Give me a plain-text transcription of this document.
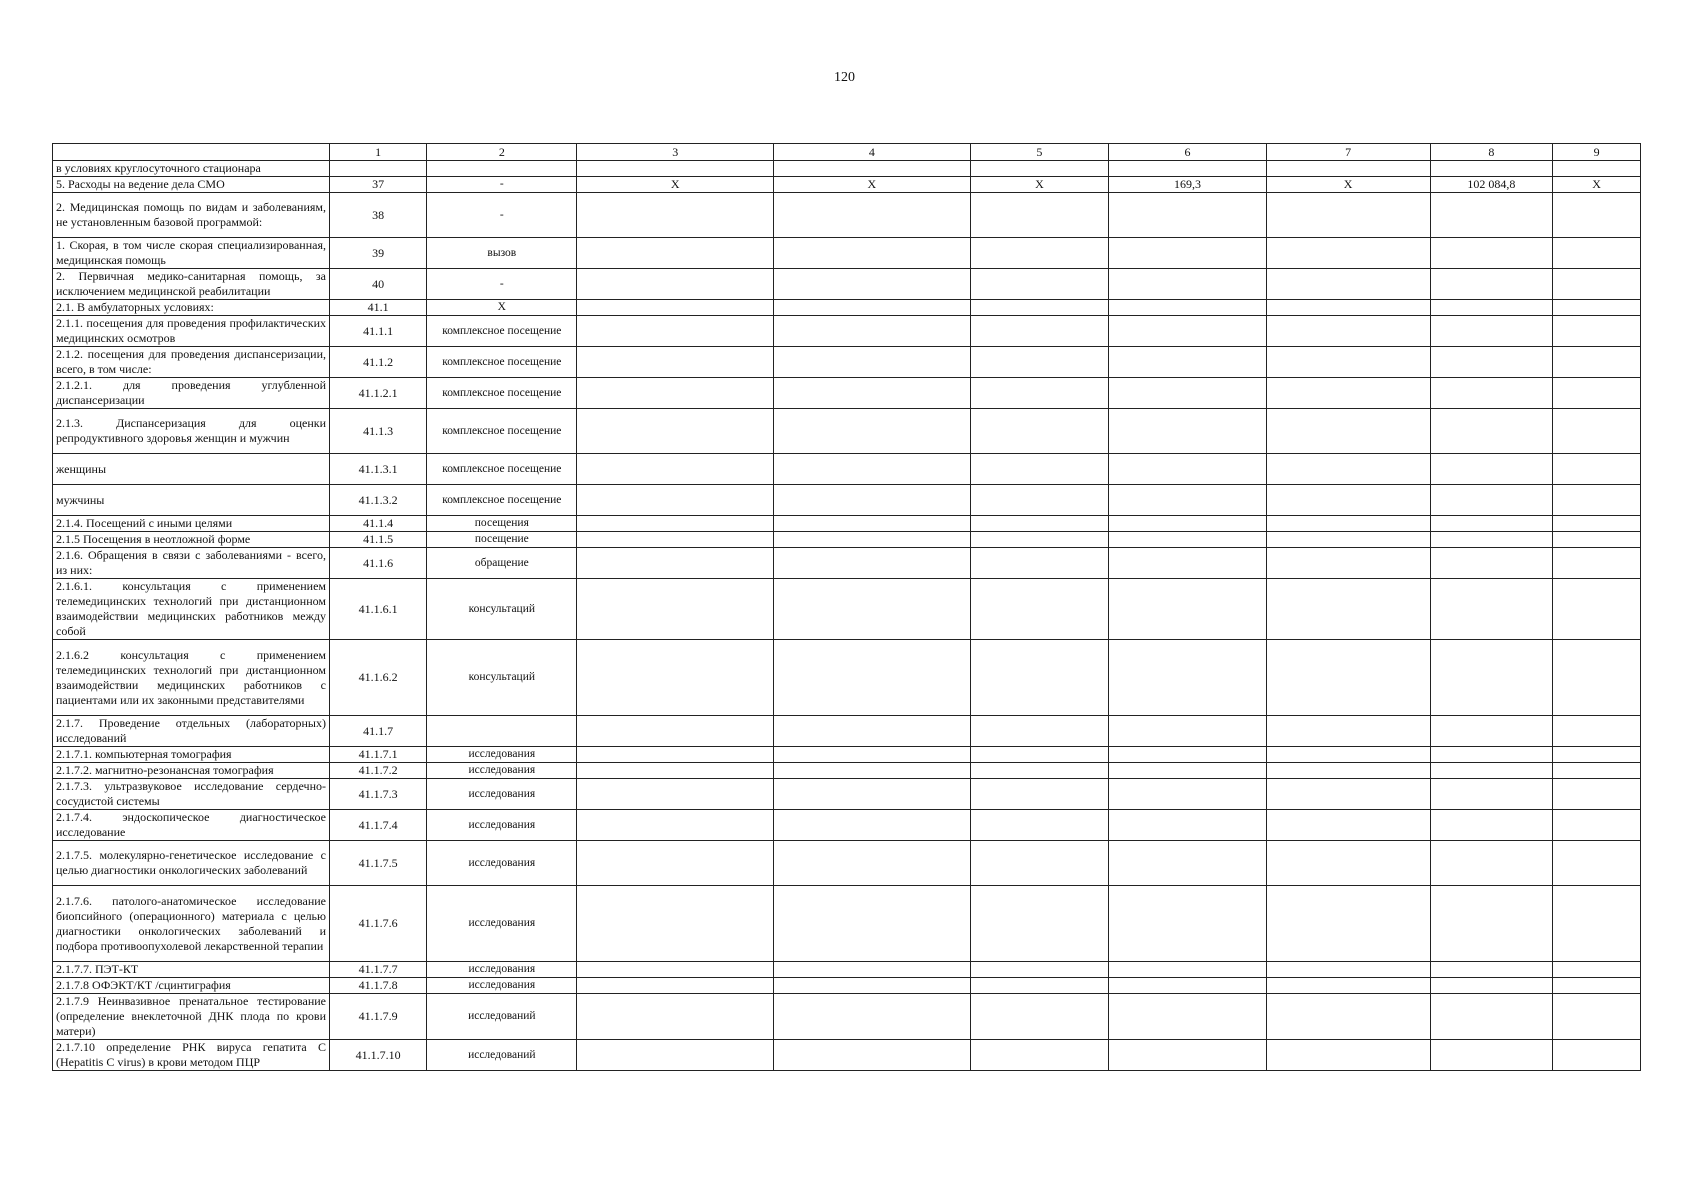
120
	1	2	3	4	5	6	7	8	9
в условиях круглосуточного стационара									
5. Расходы на ведение дела СМО	37	-	X	X	X	169,3	X	102 084,8	X
2. Медицинская помощь по видам и заболеваниям, не установленным базовой программой:	38	-							
1. Скорая, в том числе скорая специализированная, медицинская помощь	39	вызов							
2. Первичная медико-санитарная помощь, за исключением медицинской реабилитации	40	-							
2.1. В амбулаторных условиях:	41.1	X							
2.1.1. посещения для проведения профилактических медицинских осмотров	41.1.1	комплексное посещение							
2.1.2. посещения для проведения диспансеризации, всего, в том числе:	41.1.2	комплексное посещение							
2.1.2.1. для проведения углубленной диспансеризации	41.1.2.1	комплексное посещение							
2.1.3. Диспансеризация для оценки репродуктивного здоровья женщин и мужчин	41.1.3	комплексное посещение							
женщины	41.1.3.1	комплексное посещение							
мужчины	41.1.3.2	комплексное посещение							
2.1.4. Посещений с иными целями	41.1.4	посещения							
2.1.5 Посещения в неотложной форме	41.1.5	посещение							
2.1.6. Обращения в связи с заболеваниями - всего, из них:	41.1.6	обращение							
2.1.6.1. консультация с применением телемедицинских технологий при дистанционном взаимодействии медицинских работников между собой	41.1.6.1	консультаций							
2.1.6.2 консультация с применением телемедицинских технологий при дистанционном взаимодействии медицинских работников с пациентами или их законными представителями	41.1.6.2	консультаций							
2.1.7. Проведение отдельных (лабораторных) исследований	41.1.7								
2.1.7.1. компьютерная томография	41.1.7.1	исследования							
2.1.7.2. магнитно-резонансная томография	41.1.7.2	исследования							
2.1.7.3. ультразвуковое исследование сердечно-сосудистой системы	41.1.7.3	исследования							
2.1.7.4. эндоскопическое диагностическое исследование	41.1.7.4	исследования							
2.1.7.5. молекулярно-генетическое исследование с целью диагностики онкологических заболеваний	41.1.7.5	исследования							
2.1.7.6. патолого-анатомическое исследование биопсийного (операционного) материала с целью диагностики онкологических заболеваний и подбора противоопухолевой лекарственной терапии	41.1.7.6	исследования							
2.1.7.7. ПЭТ-КТ	41.1.7.7	исследования							
2.1.7.8 ОФЭКТ/КТ /сцинтиграфия	41.1.7.8	исследования							
2.1.7.9 Неинвазивное пренатальное тестирование (определение внеклеточной ДНК плода по крови матери)	41.1.7.9	исследований							
2.1.7.10 определение РНК вируса гепатита С (Hepatitis C virus) в крови методом ПЦР	41.1.7.10	исследований							
